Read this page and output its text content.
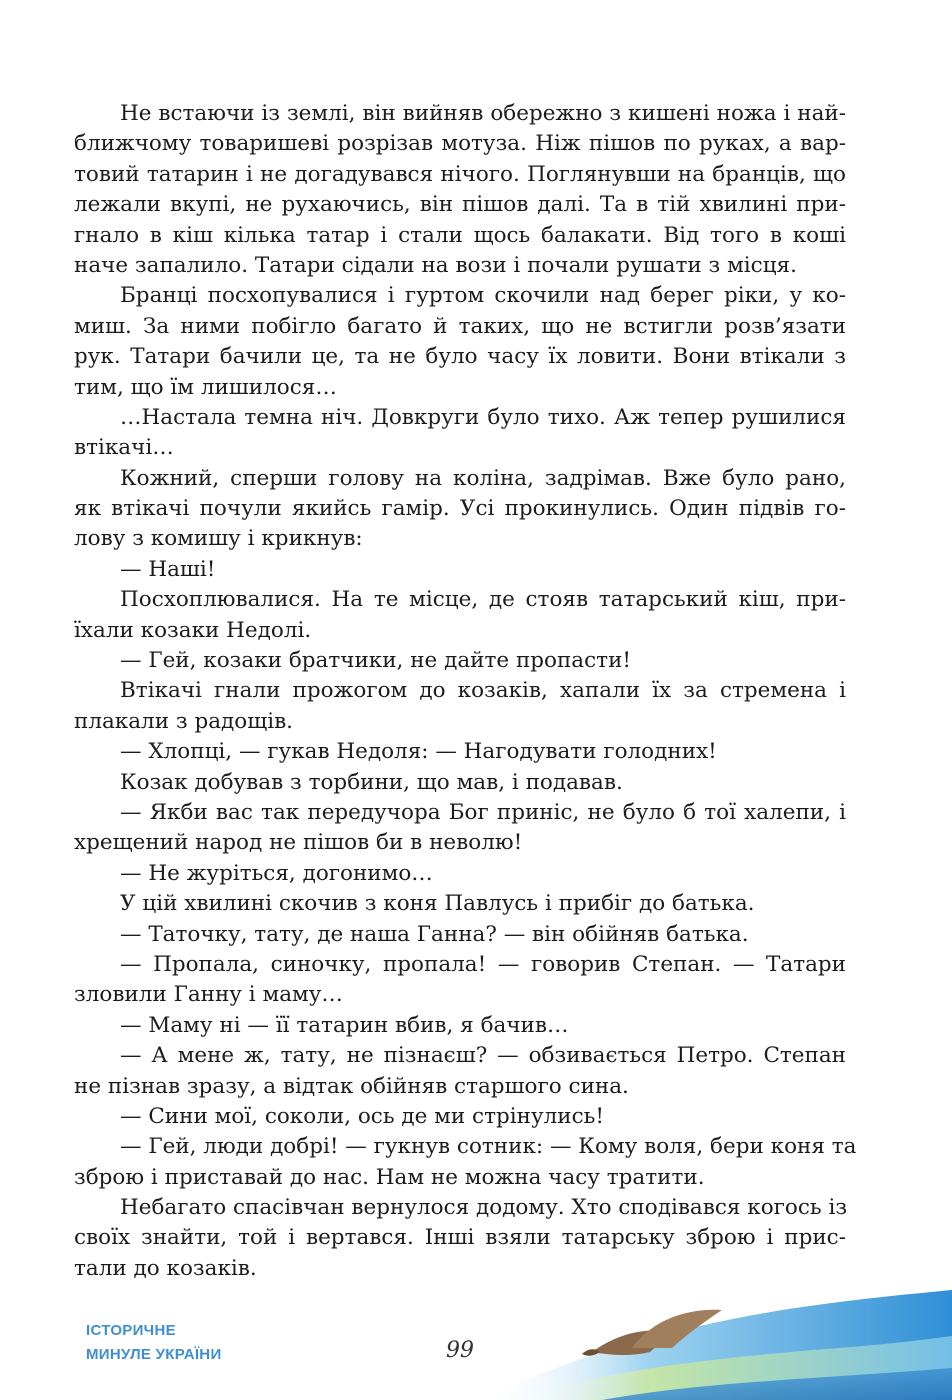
Не встаючи із землі, він вийняв обережно з кишені ножа і най-
ближчому товаришеві розрізав мотуза. Ніж пішов по руках, а вар-
товий татарин і не догадувався нічого. Поглянувши на бранців, що
лежали вкупі, не рухаючись, він пішов далі. Та в тій хвилині при-
гнало в кіш кілька татар і стали щось балакати. Від того в коші
наче запалило. Татари сідали на вози і почали рушати з місця.
Бранці посхопувалися і гуртом скочили над берег ріки, у ко-
миш. За ними побігло багато й таких, що не встигли розв’язати
рук. Татари бачили це, та не було часу їх ловити. Вони втікали з
тим, що їм лишилося…
…Настала темна ніч. Довкруги було тихо. Аж тепер рушилися
втікачі…
Кожний, сперши голову на коліна, задрімав. Вже було рано,
як втікачі почули якийсь гамір. Усі прокинулись. Один підвів го-
лову з комишу і крикнув:
— Наші!
Посхоплювалися. На те місце, де стояв татарський кіш, при-
їхали козаки Недолі.
— Гей, козаки братчики, не дайте пропасти!
Втікачі гнали прожогом до козаків, хапали їх за стремена і
плакали з радощів.
— Хлопці, — гукав Недоля: — Нагодувати голодних!
Козак добував з торбини, що мав, і подавав.
— Якби вас так передучора Бог приніс, не було б тої халепи, і
хрещений народ не пішов би в неволю!
— Не журіться, догонимо…
У цій хвилині скочив з коня Павлусь і прибіг до батька.
— Таточку, тату, де наша Ганна? — він обійняв батька.
— Пропала, синочку, пропала! — говорив Степан. — Татари
зловили Ганну і маму…
— Маму ні — її татарин вбив, я бачив…
— А мене ж, тату, не пізнаєш? — обзивається Петро. Степан
не пізнав зразу, а відтак обійняв старшого сина.
— Сини мої, соколи, ось де ми стрінулись!
— Гей, люди добрі! — гукнув сотник: — Кому воля, бери коня та
зброю і приставай до нас. Нам не можна часу тратити.
Небагато спасівчан вернулося додому. Хто сподівався когось із
своїх знайти, той і вертався. Інші взяли татарську зброю і прис-
тали до козаків.
ІСТОРИЧНЕ
МИНУЛЕ УКРАЇНИ	99
